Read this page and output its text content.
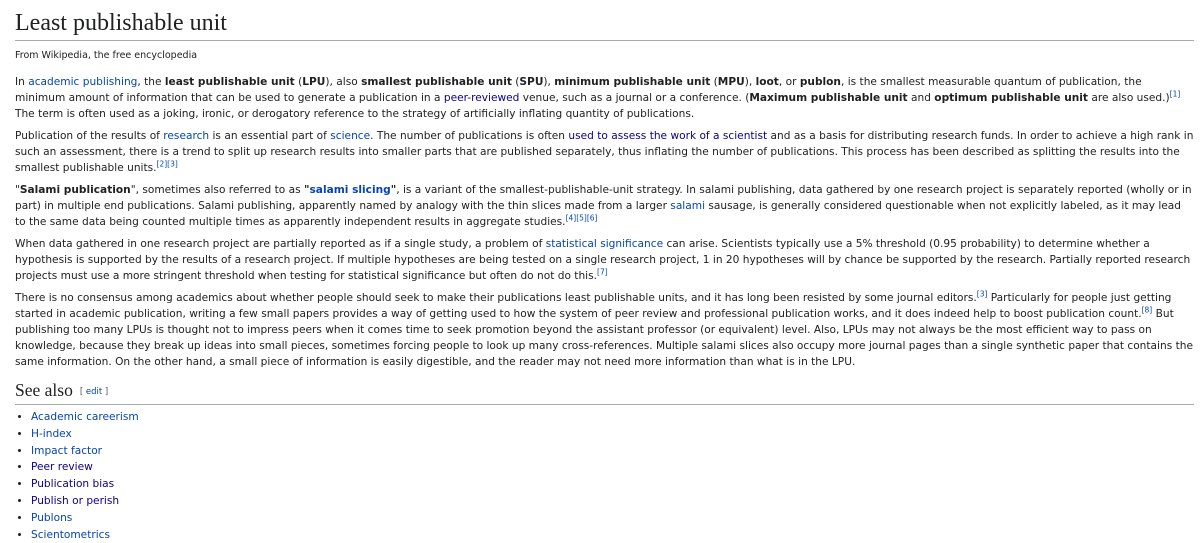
Least publishable unit
From Wikipedia, the free encyclopedia

In academic publishing, the least publishable unit (LPU), also smallest publishable unit (SPU), minimum publishable unit (MPU), loot, or publon, is the smallest measurable quantum of publication, the minimum amount of information that can be used to generate a publication in a peer-reviewed venue, such as a journal or a conference. (Maximum publishable unit and optimum publishable unit are also used.)[1] The term is often used as a joking, ironic, or derogatory reference to the strategy of artificially inflating quantity of publications.

Publication of the results of research is an essential part of science. The number of publications is often used to assess the work of a scientist and as a basis for distributing research funds. In order to achieve a high rank in such an assessment, there is a trend to split up research results into smaller parts that are published separately, thus inflating the number of publications. This process has been described as splitting the results into the smallest publishable units.[2][3]

"Salami publication", sometimes also referred to as "salami slicing", is a variant of the smallest-publishable-unit strategy. In salami publishing, data gathered by one research project is separately reported (wholly or in part) in multiple end publications. Salami publishing, apparently named by analogy with the thin slices made from a larger salami sausage, is generally considered questionable when not explicitly labeled, as it may lead to the same data being counted multiple times as apparently independent results in aggregate studies.[4][5][6]

When data gathered in one research project are partially reported as if a single study, a problem of statistical significance can arise. Scientists typically use a 5% threshold (0.95 probability) to determine whether a hypothesis is supported by the results of a research project. If multiple hypotheses are being tested on a single research project, 1 in 20 hypotheses will by chance be supported by the research. Partially reported research projects must use a more stringent threshold when testing for statistical significance but often do not do this.[7]

There is no consensus among academics about whether people should seek to make their publications least publishable units, and it has long been resisted by some journal editors.[3] Particularly for people just getting started in academic publication, writing a few small papers provides a way of getting used to how the system of peer review and professional publication works, and it does indeed help to boost publication count.[8] But publishing too many LPUs is thought not to impress peers when it comes time to seek promotion beyond the assistant professor (or equivalent) level. Also, LPUs may not always be the most efficient way to pass on knowledge, because they break up ideas into small pieces, sometimes forcing people to look up many cross-references. Multiple salami slices also occupy more journal pages than a single synthetic paper that contains the same information. On the other hand, a small piece of information is easily digestible, and the reader may not need more information than what is in the LPU.

See also [ edit ]
• Academic careerism
• H-index
• Impact factor
• Peer review
• Publication bias
• Publish or perish
• Publons
• Scientometrics
